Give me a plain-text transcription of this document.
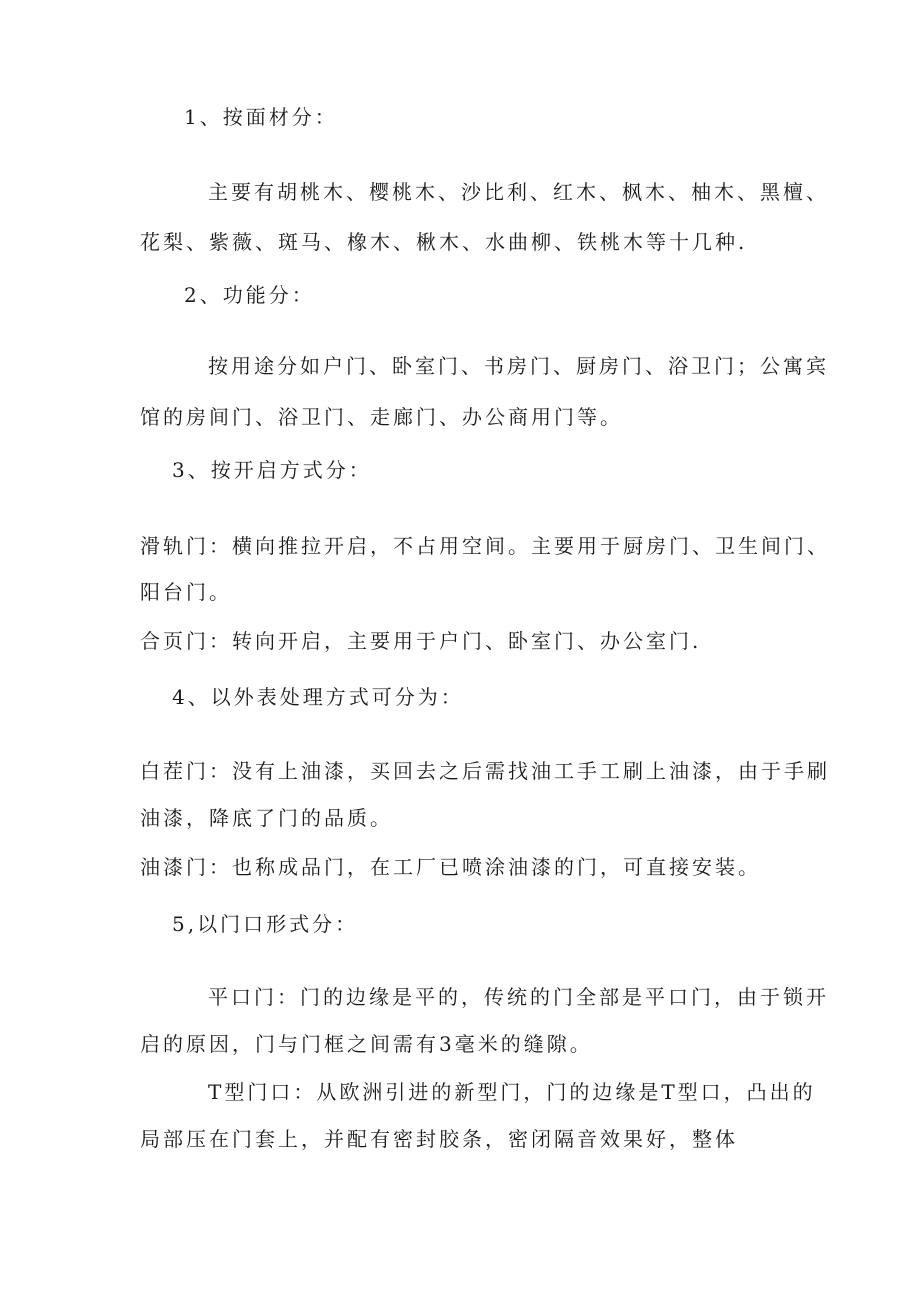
1、按面材分：
主要有胡桃木、樱桃木、沙比利、红木、枫木、柚木、黑檀、
花梨、紫薇、斑马、橡木、楸木、水曲柳、铁桃木等十几种.
2、功能分：
按用途分如户门、卧室门、书房门、厨房门、浴卫门；公寓宾
馆的房间门、浴卫门、走廊门、办公商用门等。
3、按开启方式分：
滑轨门：横向推拉开启，不占用空间。主要用于厨房门、卫生间门、
阳台门。
合页门：转向开启，主要用于户门、卧室门、办公室门.
4、以外表处理方式可分为：
白茬门：没有上油漆，买回去之后需找油工手工刷上油漆，由于手刷
油漆，降底了门的品质。
油漆门：也称成品门，在工厂已喷涂油漆的门，可直接安装。
5,以门口形式分：
平口门：门的边缘是平的，传统的门全部是平口门，由于锁开
启的原因，门与门框之间需有3毫米的缝隙。
T型门口：从欧洲引进的新型门，门的边缘是T型口，凸出的
局部压在门套上，并配有密封胶条，密闭隔音效果好，整体
